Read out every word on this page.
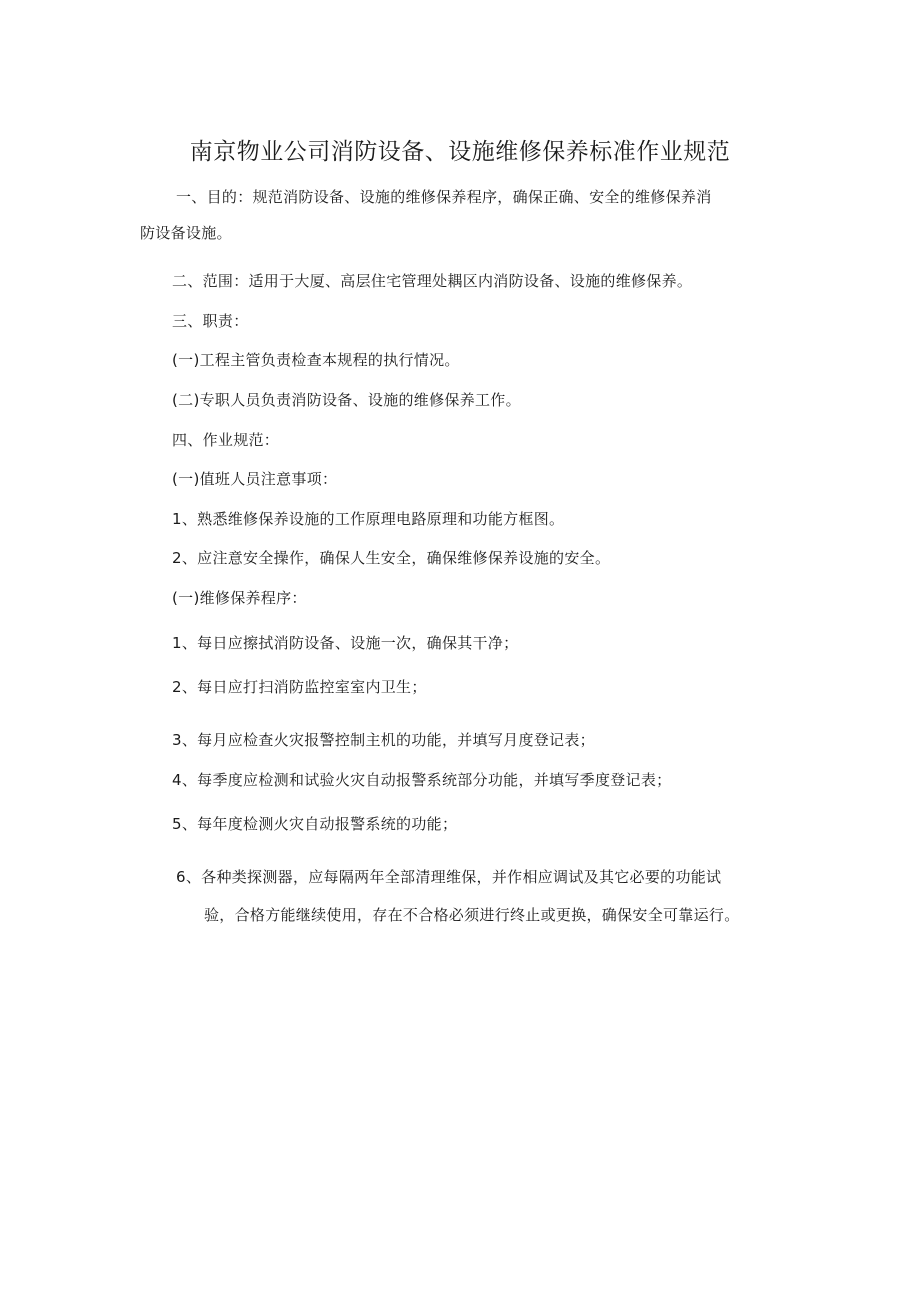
南京物业公司消防设备、设施维修保养标准作业规范

一、目的：规范消防设备、设施的维修保养程序，确保正确、安全的维修保养消

防设备设施。

二、范围：适用于大厦、高层住宅管理处耦区内消防设备、设施的维修保养。

三、职责：

(一)工程主管负责检查本规程的执行情况。

(二)专职人员负责消防设备、设施的维修保养工作。

四、作业规范：

(一)值班人员注意事项：

1、熟悉维修保养设施的工作原理电路原理和功能方框图。

2、应注意安全操作，确保人生安全，确保维修保养设施的安全。

(一)维修保养程序：

1、每日应擦拭消防设备、设施一次，确保其干净；

2、每日应打扫消防监控室室内卫生；

3、每月应检查火灾报警控制主机的功能，并填写月度登记表；

4、每季度应检测和试验火灾自动报警系统部分功能，并填写季度登记表；

5、每年度检测火灾自动报警系统的功能；

6、各种类探测器，应每隔两年全部清理维保，并作相应调试及其它必要的功能试

验，合格方能继续使用，存在不合格必须进行终止或更换，确保安全可靠运行。
